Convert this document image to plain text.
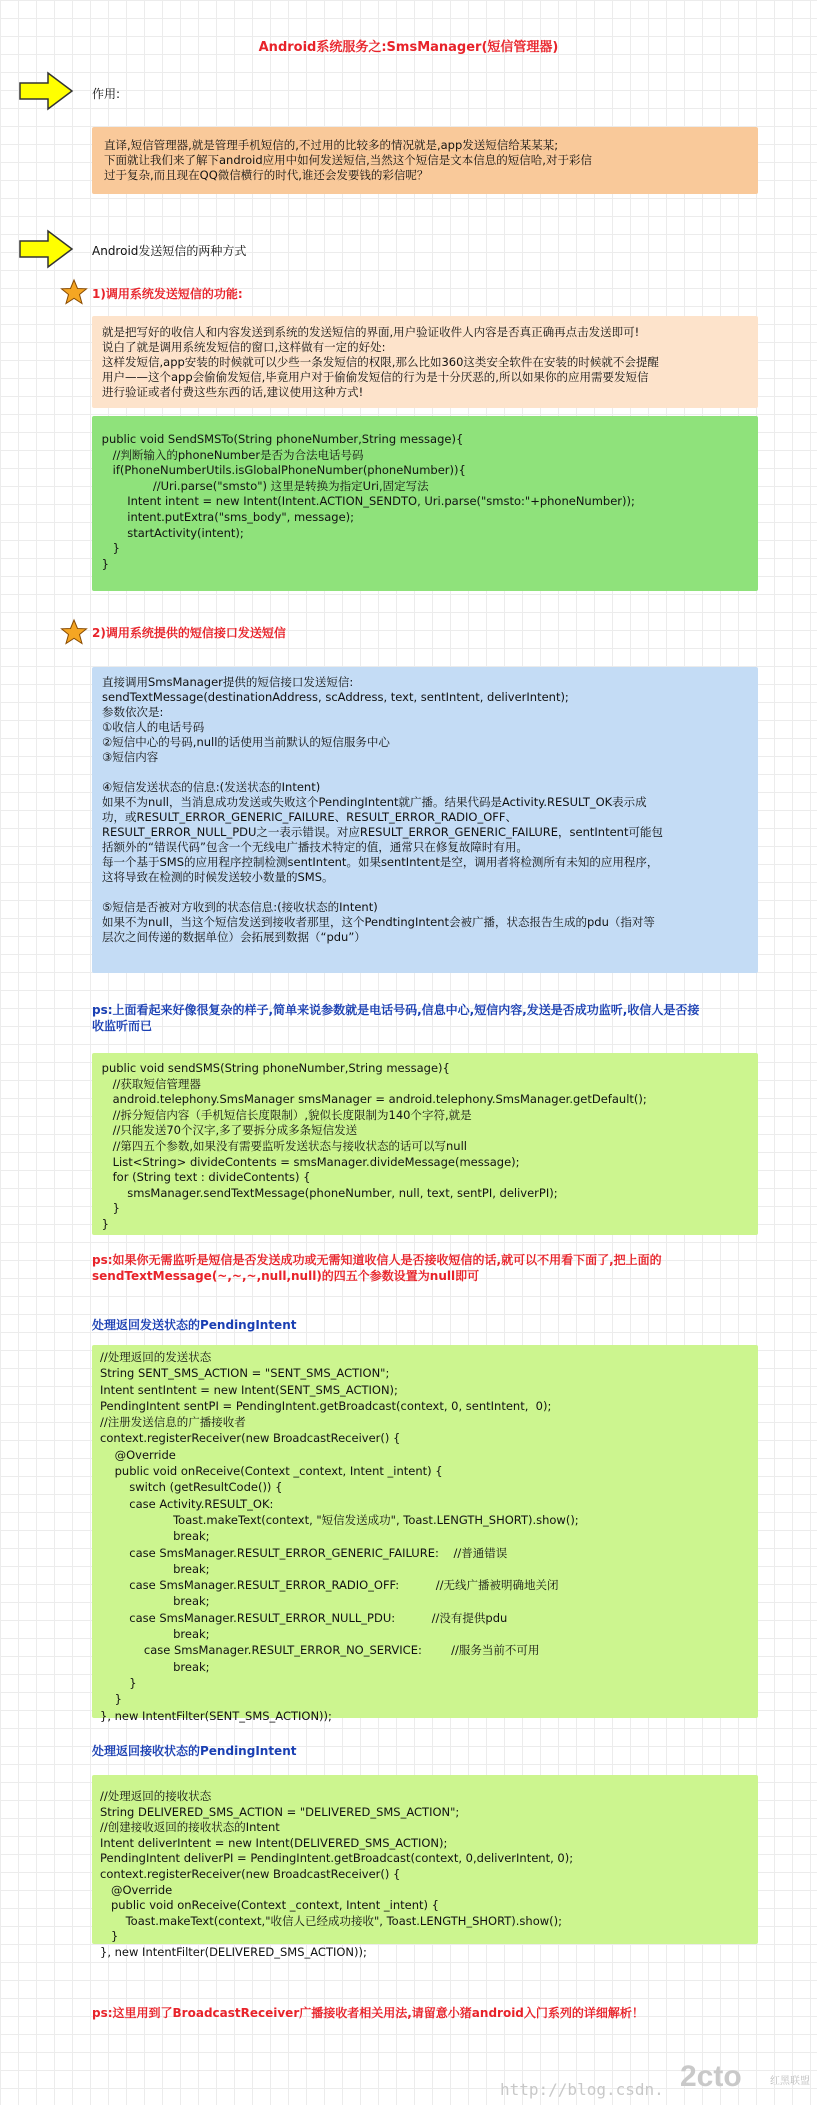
Android系统服务之:SmsManager(短信管理器)
作用:

直译,短信管理器,就是管理手机短信的,不过用的比较多的情况就是,app发送短信给某某某;
下面就让我们来了解下android应用中如何发送短信,当然这个短信是文本信息的短信哈,对于彩信
过于复杂,而且现在QQ微信横行的时代,谁还会发要钱的彩信呢？

Android发送短信的两种方式
1)调用系统发送短信的功能:

就是把写好的收信人和内容发送到系统的发送短信的界面,用户验证收件人内容是否真正确再点击发送即可!
说白了就是调用系统发短信的窗口,这样做有一定的好处:
这样发短信,app安装的时候就可以少些一条发短信的权限,那么比如360这类安全软件在安装的时候就不会提醒
用户——这个app会偷偷发短信,毕竟用户对于偷偷发短信的行为是十分厌恶的,所以如果你的应用需要发短信
进行验证或者付费这些东西的话,建议使用这种方式!

public void SendSMSTo(String phoneNumber,String message){
//判断输入的phoneNumber是否为合法电话号码
if(PhoneNumberUtils.isGlobalPhoneNumber(phoneNumber)){
//Uri.parse("smsto") 这里是转换为指定Uri,固定写法
Intent intent = new Intent(Intent.ACTION_SENDTO, Uri.parse("smsto:"+phoneNumber));
intent.putExtra("sms_body", message);
startActivity(intent);
}
}
2)调用系统提供的短信接口发送短信

直接调用SmsManager提供的短信接口发送短信:
sendTextMessage(destinationAddress, scAddress, text, sentIntent, deliverIntent);
参数依次是:
①收信人的电话号码
②短信中心的号码,null的话使用当前默认的短信服务中心
③短信内容

④短信发送状态的信息:(发送状态的Intent)
如果不为null，当消息成功发送或失败这个PendingIntent就广播。结果代码是Activity.RESULT_OK表示成
功，或RESULT_ERROR_GENERIC_FAILURE、RESULT_ERROR_RADIO_OFF、
RESULT_ERROR_NULL_PDU之一表示错误。对应RESULT_ERROR_GENERIC_FAILURE，sentIntent可能包
括额外的“错误代码”包含一个无线电广播技术特定的值，通常只在修复故障时有用。
每一个基于SMS的应用程序控制检测sentIntent。如果sentIntent是空，调用者将检测所有未知的应用程序，
这将导致在检测的时候发送较小数量的SMS。

⑤短信是否被对方收到的状态信息:(接收状态的Intent)
如果不为null，当这个短信发送到接收者那里，这个PendtingIntent会被广播，状态报告生成的pdu（指对等
层次之间传递的数据单位）会拓展到数据（“pdu”）

ps:上面看起来好像很复杂的样子,简单来说参数就是电话号码,信息中心,短信内容,发送是否成功监听,收信人是否接
收监听而已
public void sendSMS(String phoneNumber,String message){
//获取短信管理器
android.telephony.SmsManager smsManager = android.telephony.SmsManager.getDefault();
//拆分短信内容（手机短信长度限制）,貌似长度限制为140个字符,就是
//只能发送70个汉字,多了要拆分成多条短信发送
//第四五个参数,如果没有需要监听发送状态与接收状态的话可以写null
List<String> divideContents = smsManager.divideMessage(message);
for (String text : divideContents) {
smsManager.sendTextMessage(phoneNumber, null, text, sentPI, deliverPI);
}
}
ps:如果你无需监听是短信是否发送成功或无需知道收信人是否接收短信的话,就可以不用看下面了,把上面的
sendTextMessage(~,~,~,null,null)的四五个参数设置为null即可
处理返回发送状态的PendingIntent
//处理返回的发送状态
String SENT_SMS_ACTION = "SENT_SMS_ACTION";
Intent sentIntent = new Intent(SENT_SMS_ACTION);
PendingIntent sentPI = PendingIntent.getBroadcast(context, 0, sentIntent,  0);
//注册发送信息的广播接收者
context.registerReceiver(new BroadcastReceiver() {
@Override
public void onReceive(Context _context, Intent _intent) {
switch (getResultCode()) {
case Activity.RESULT_OK:
Toast.makeText(context, "短信发送成功", Toast.LENGTH_SHORT).show();
break;
case SmsManager.RESULT_ERROR_GENERIC_FAILURE:    //普通错误
break;
case SmsManager.RESULT_ERROR_RADIO_OFF:          //无线广播被明确地关闭
break;
case SmsManager.RESULT_ERROR_NULL_PDU:          //没有提供pdu
break;
case SmsManager.RESULT_ERROR_NO_SERVICE:        //服务当前不可用
break;
}
}
}, new IntentFilter(SENT_SMS_ACTION));
处理返回接收状态的PendingIntent
//处理返回的接收状态
String DELIVERED_SMS_ACTION = "DELIVERED_SMS_ACTION";
//创建接收返回的接收状态的Intent
Intent deliverIntent = new Intent(DELIVERED_SMS_ACTION);
PendingIntent deliverPI = PendingIntent.getBroadcast(context, 0,deliverIntent, 0);
context.registerReceiver(new BroadcastReceiver() {
@Override
public void onReceive(Context _context, Intent _intent) {
Toast.makeText(context,"收信人已经成功接收", Toast.LENGTH_SHORT).show();
}
}, new IntentFilter(DELIVERED_SMS_ACTION));
ps:这里用到了BroadcastReceiver广播接收者相关用法,请留意小猪android入门系列的详细解析！
http://blog.csdn. 2cto	红黑联盟
